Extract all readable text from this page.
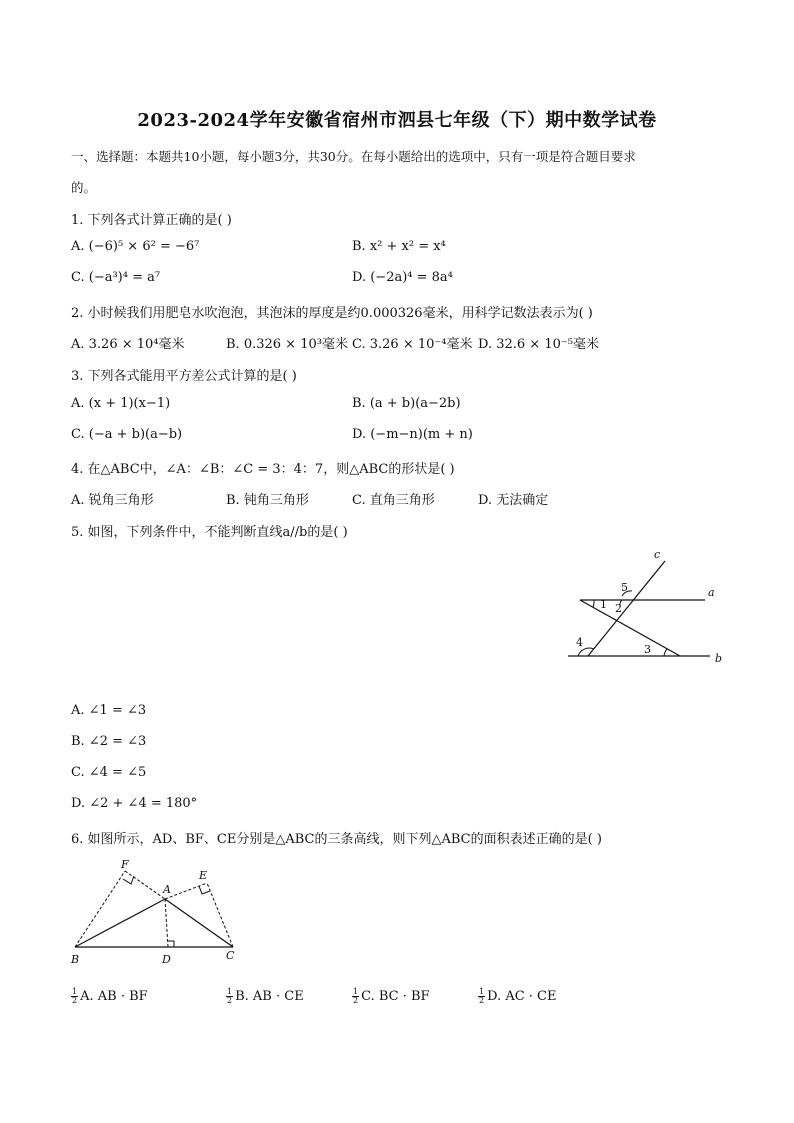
2023-2024学年安徽省宿州市泗县七年级（下）期中数学试卷
一、选择题：本题共10小题，每小题3分，共30分。在每小题给出的选项中，只有一项是符合题目要求
的。
1. 下列各式计算正确的是( )
A. (−6)⁵ × 6² = −6⁷	B. x² + x² = x⁴
C. (−a³)⁴ = a⁷	D. (−2a)⁴ = 8a⁴
2. 小时候我们用肥皂水吹泡泡，其泡沫的厚度是约0.000326毫米，用科学记数法表示为( )
A. 3.26 × 10⁴毫米	B. 0.326 × 10³毫米 C. 3.26 × 10⁻⁴毫米 D. 32.6 × 10⁻⁵毫米
3. 下列各式能用平方差公式计算的是( )
A. (x + 1)(x−1)	B. (a + b)(a−2b)
C. (−a + b)(a−b)	D. (−m−n)(m + n)
4. 在△ABC中，∠A：∠B：∠C = 3：4：7，则△ABC的形状是( )
A. 锐角三角形	B. 钝角三角形	C. 直角三角形	D. 无法确定
5. 如图，下列条件中，不能判断直线a//b的是( )
c
a
b
1 2
3
4
5
A. ∠1 = ∠3
B. ∠2 = ∠3
C. ∠4 = ∠5
D. ∠2 + ∠4 = 180°
6. 如图所示，AD、BF、CE分别是△ABC的三条高线，则下列△ABC的面积表述正确的是( )
F
A
E
B	D	C
$\frac{1}{2} A$. AB · BF	$\frac{1}{2} B$. AB · CE	$\frac{1}{2} C$. BC · BF	$\frac{1}{2} D$. AC · CE
